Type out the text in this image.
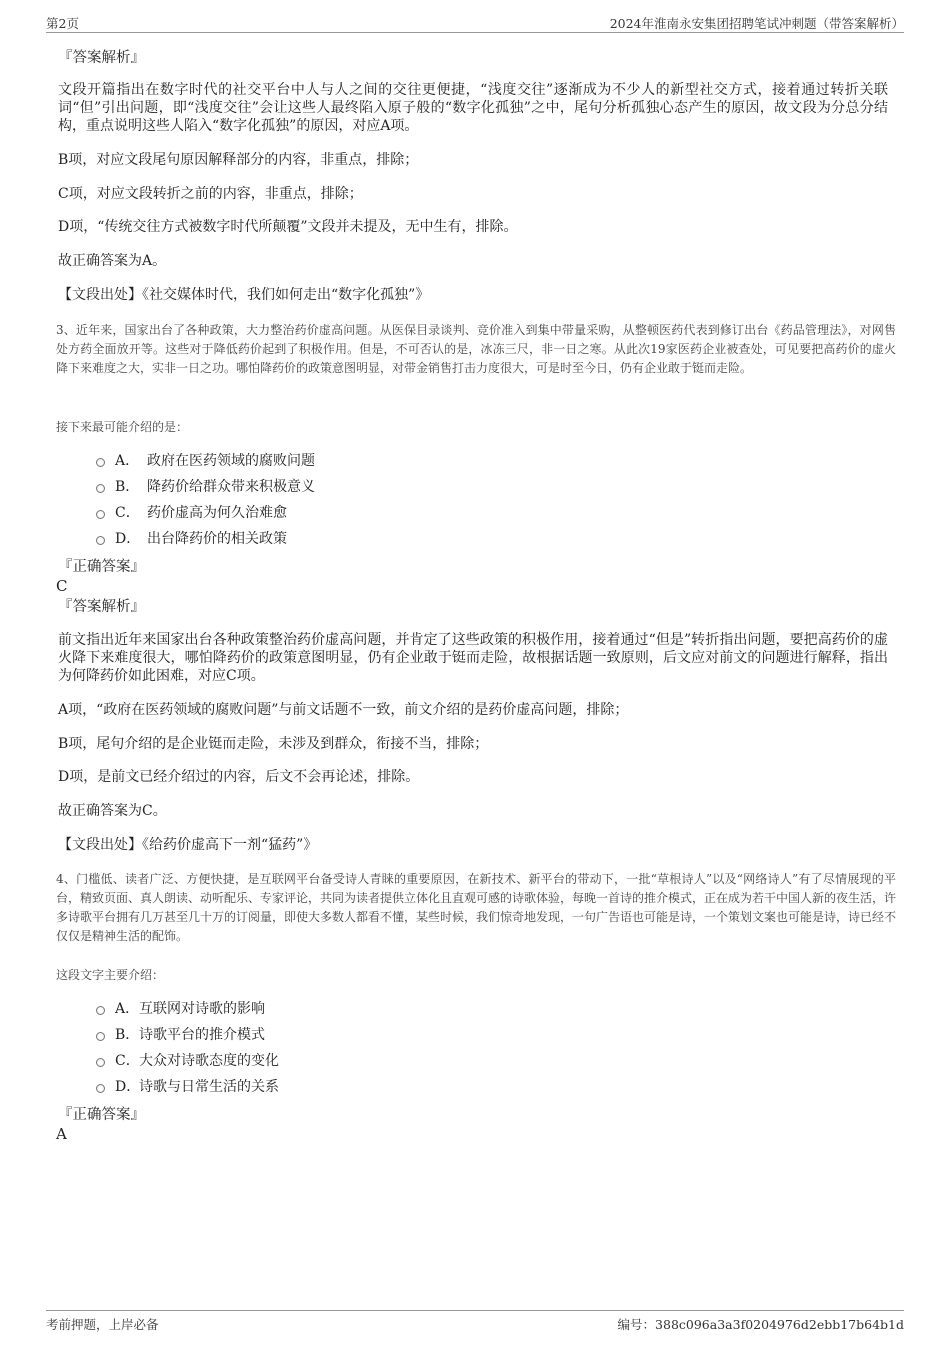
第2页	2024年淮南永安集团招聘笔试冲刺题（带答案解析）
『答案解析』
文段开篇指出在数字时代的社交平台中人与人之间的交往更便捷，“浅度交往”逐渐成为不少人的新型社交方式，接着通过转折关联词“但”引出问题，即“浅度交往”会让这些人最终陷入原子般的“数字化孤独”之中，尾句分析孤独心态产生的原因，故文段为分总分结构，重点说明这些人陷入“数字化孤独”的原因，对应A项。
B项，对应文段尾句原因解释部分的内容，非重点，排除；
C项，对应文段转折之前的内容，非重点，排除；
D项，“传统交往方式被数字时代所颠覆”文段并未提及，无中生有，排除。
故正确答案为A。
【文段出处】《社交媒体时代，我们如何走出“数字化孤独”》
3、近年来，国家出台了各种政策，大力整治药价虚高问题。从医保目录谈判、竞价准入到集中带量采购，从整顿医药代表到修订出台《药品管理法》，对网售处方药全面放开等。这些对于降低药价起到了积极作用。但是，不可否认的是，冰冻三尺，非一日之寒。从此次19家医药企业被查处，可见要把高药价的虚火降下来难度之大，实非一日之功。哪怕降药价的政策意图明显，对带金销售打击力度很大，可是时至今日，仍有企业敢于铤而走险。
接下来最可能介绍的是：
A． 政府在医药领域的腐败问题
B． 降药价给群众带来积极意义
C． 药价虚高为何久治难愈
D． 出台降药价的相关政策
『正确答案』
C
『答案解析』
前文指出近年来国家出台各种政策整治药价虚高问题，并肯定了这些政策的积极作用，接着通过“但是”转折指出问题，要把高药价的虚火降下来难度很大，哪怕降药价的政策意图明显，仍有企业敢于铤而走险，故根据话题一致原则，后文应对前文的问题进行解释，指出为何降药价如此困难，对应C项。
A项，“政府在医药领域的腐败问题”与前文话题不一致，前文介绍的是药价虚高问题，排除；
B项，尾句介绍的是企业铤而走险，未涉及到群众，衔接不当，排除；
D项，是前文已经介绍过的内容，后文不会再论述，排除。
故正确答案为C。
【文段出处】《给药价虚高下一剂“猛药”》
4、门槛低、读者广泛、方便快捷，是互联网平台备受诗人青睐的重要原因，在新技术、新平台的带动下，一批“草根诗人”以及“网络诗人”有了尽情展现的平台，精致页面、真人朗读、动听配乐、专家评论，共同为读者提供立体化且直观可感的诗歌体验，每晚一首诗的推介模式，正在成为若干中国人新的夜生活，许多诗歌平台拥有几万甚至几十万的订阅量，即使大多数人都看不懂，某些时候，我们惊奇地发现，一句广告语也可能是诗，一个策划文案也可能是诗，诗已经不仅仅是精神生活的配饰。
这段文字主要介绍：
A． 互联网对诗歌的影响
B． 诗歌平台的推介模式
C． 大众对诗歌态度的变化
D．
诗歌与日常生活的关系
『正确答案』
A
考前押题，上岸必备	编号：388c096a3a3f0204976d2ebb17b64b1d
